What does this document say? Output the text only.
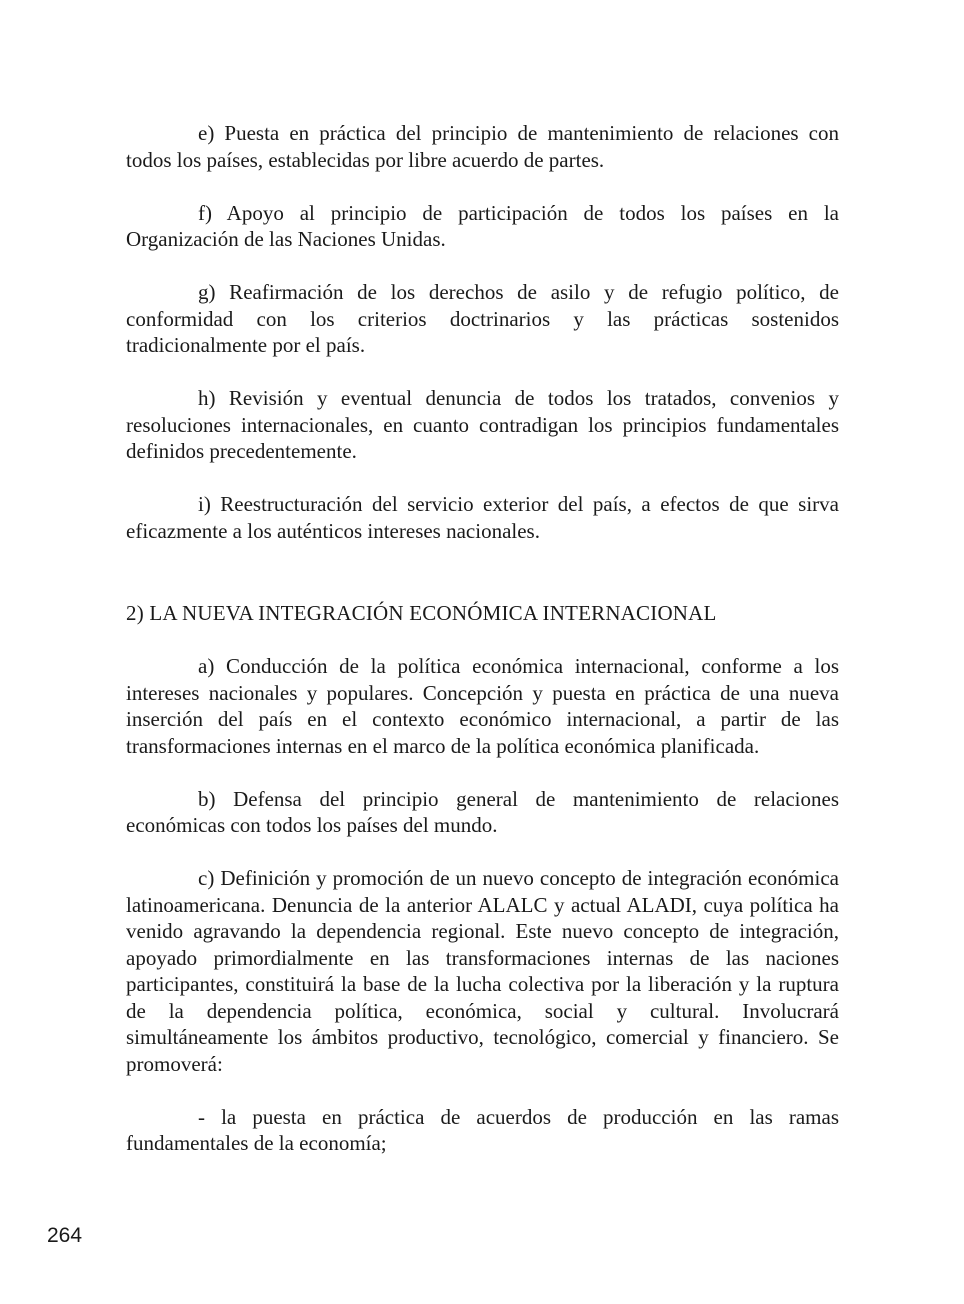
e) Puesta en práctica del principio de mantenimiento de relaciones con todos los países, establecidas por libre acuerdo de partes.

f) Apoyo al principio de participación de todos los países en la Organización de las Naciones Unidas.

g) Reafirmación de los derechos de asilo y de refugio político, de conformidad con los criterios doctrinarios y las prácticas sostenidos tradicionalmente por el país.

h) Revisión y eventual denuncia de todos los tratados, convenios y resoluciones internacionales, en cuanto contradigan los principios fundamentales definidos precedentemente.

i) Reestructuración del servicio exterior del país, a efectos de que sirva eficazmente a los auténticos intereses nacionales.

2) LA NUEVA INTEGRACIÓN ECONÓMICA INTERNACIONAL

a) Conducción de la política económica internacional, conforme a los intereses nacionales y populares. Concepción y puesta en práctica de una nueva inserción del país en el contexto económico internacional, a partir de las transformaciones internas en el marco de la política económica planificada.

b) Defensa del principio general de mantenimiento de relaciones económicas con todos los países del mundo.

c) Definición y promoción de un nuevo concepto de integración económica latinoamericana. Denuncia de la anterior ALALC y actual ALADI, cuya política ha venido agravando la dependencia regional. Este nuevo concepto de integración, apoyado primordialmente en las transformaciones internas de las naciones participantes, constituirá la base de la lucha colectiva por la liberación y la ruptura de la dependencia política, económica, social y cultural. Involucrará simultáneamente los ámbitos productivo, tecnológico, comercial y financiero. Se promoverá:

- la puesta en práctica de acuerdos de producción en las ramas fundamentales de la economía;

264
